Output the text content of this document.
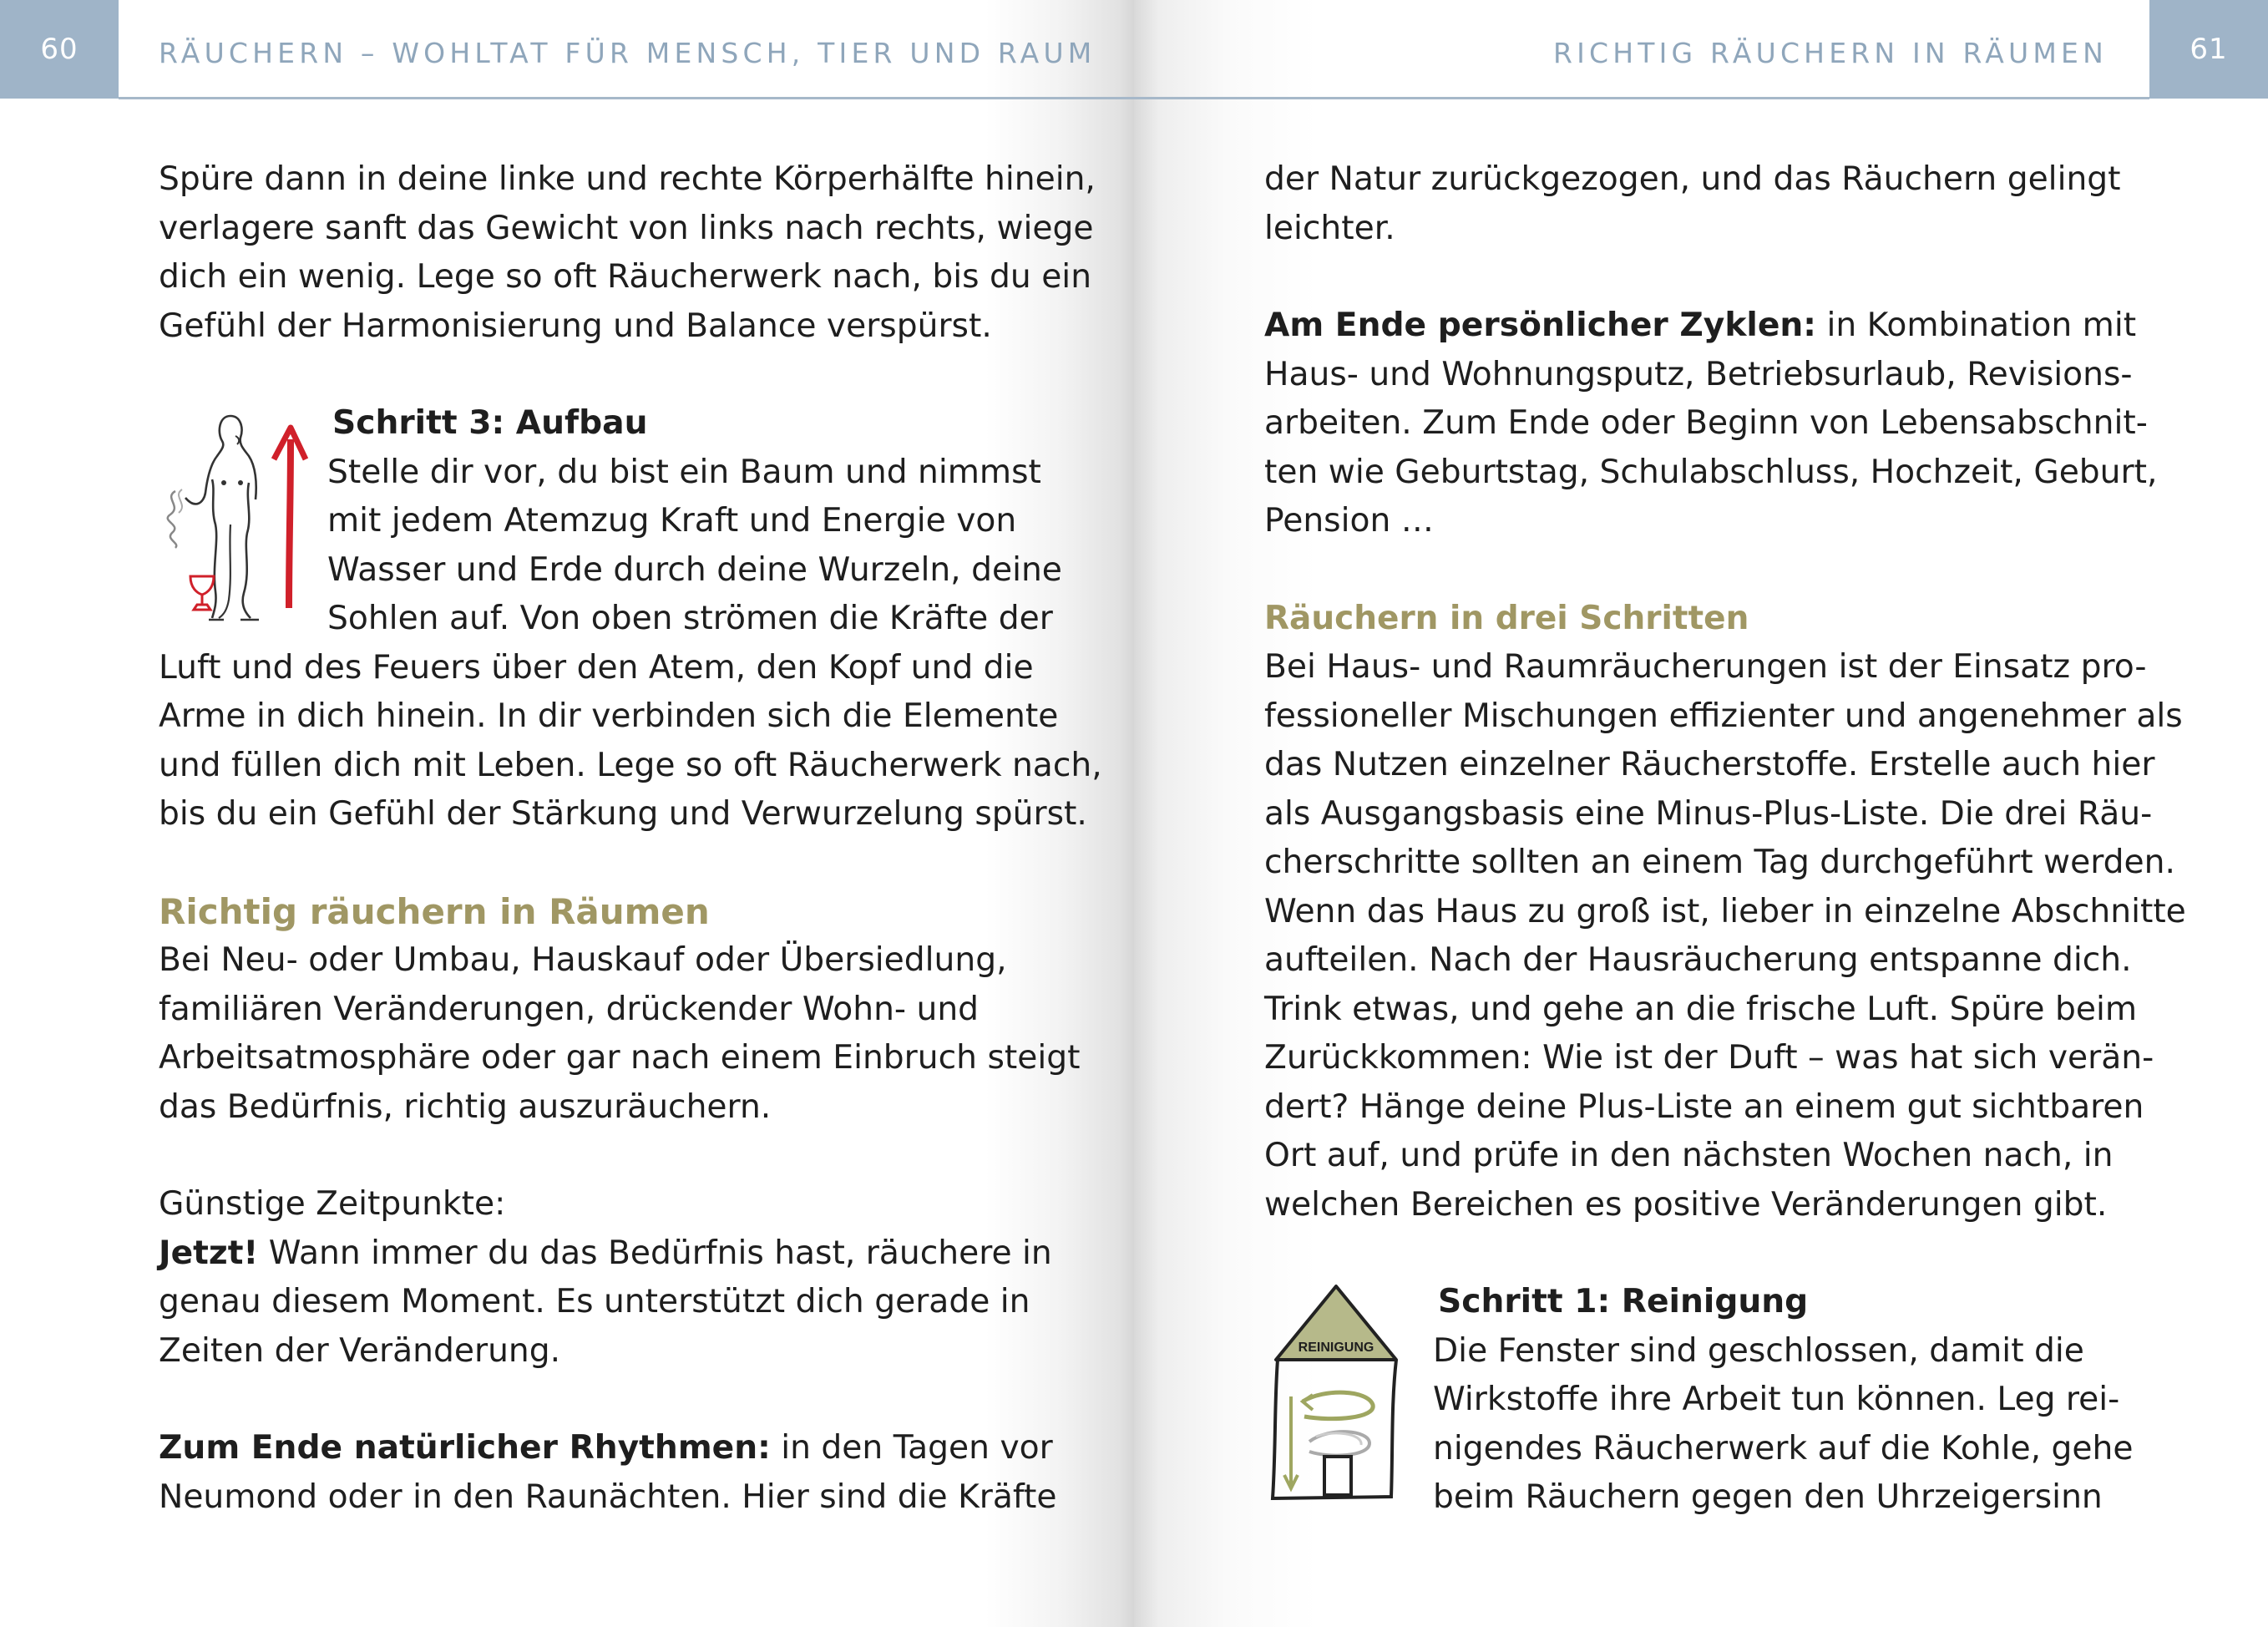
60	RÄUCHERN – WOHLTAT FÜR MENSCH, TIER UND RAUM

Spüre dann in deine linke und rechte Körperhälfte hinein,

verlagere sanft das Gewicht von links nach rechts, wiege

dich ein wenig. Lege so oft Räucherwerk nach, bis du ein

Gefühl der Harmonisierung und Balance verspürst.

Schritt 3: Aufbau

Stelle dir vor, du bist ein Baum und nimmst

mit jedem Atemzug Kraft und Energie von

Wasser und Erde durch deine Wurzeln, deine

Sohlen auf. Von oben strömen die Kräfte der

Luft und des Feuers über den Atem, den Kopf und die

Arme in dich hinein. In dir verbinden sich die Elemente

und füllen dich mit Leben. Lege so oft Räucherwerk nach,

bis du ein Gefühl der Stärkung und Verwurzelung spürst.

Richtig räuchern in Räumen

Bei Neu- oder Umbau, Hauskauf oder Übersiedlung,

familiären Veränderungen, drückender Wohn- und

Arbeitsatmosphäre oder gar nach einem Einbruch steigt

das Bedürfnis, richtig auszuräuchern.

Günstige Zeitpunkte:

Jetzt! Wann immer du das Bedürfnis hast, räuchere in

genau diesem Moment. Es unterstützt dich gerade in

Zeiten der Veränderung.

Zum Ende natürlicher Rhythmen: in den Tagen vor

Neumond oder in den Raunächten. Hier sind die Kräfte

61
RICHTIG RÄUCHERN IN RÄUMEN

der Natur zurückgezogen, und das Räuchern gelingt

leichter.

Am Ende persönlicher Zyklen: in Kombination mit

Haus- und Wohnungsputz, Betriebsurlaub, Revisions-

arbeiten. Zum Ende oder Beginn von Lebensabschnit-

ten wie Geburtstag, Schulabschluss, Hochzeit, Geburt,

Pension …

Räuchern in drei Schritten

Bei Haus- und Raumräucherungen ist der Einsatz pro-

fessioneller Mischungen effizienter und angenehmer als

das Nutzen einzelner Räucherstoffe. Erstelle auch hier

als Ausgangsbasis eine Minus-Plus-Liste. Die drei Räu-

cherschritte sollten an einem Tag durchgeführt werden.

Wenn das Haus zu groß ist, lieber in einzelne Abschnitte

aufteilen. Nach der Hausräucherung entspanne dich.

Trink etwas, und gehe an die frische Luft. Spüre beim

Zurückkommen: Wie ist der Duft – was hat sich verän-

dert? Hänge deine Plus-Liste an einem gut sichtbaren

Ort auf, und prüfe in den nächsten Wochen nach, in

welchen Bereichen es positive Veränderungen gibt.

REINIGUNG

Schritt 1: Reinigung

Die Fenster sind geschlossen, damit die

Wirkstoffe ihre Arbeit tun können. Leg rei-

nigendes Räucherwerk auf die Kohle, gehe

beim Räuchern gegen den Uhrzeigersinn
